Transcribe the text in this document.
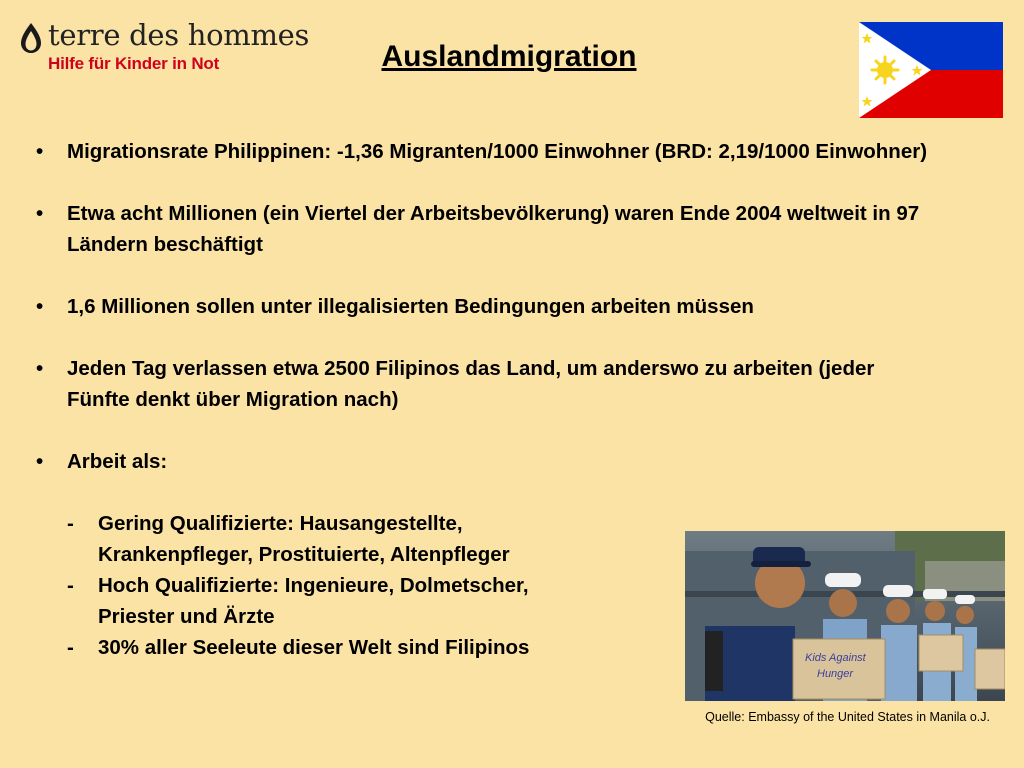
terre des hommes
Hilfe für Kinder in Not	Auslandmigration
• Migrationsrate Philippinen: -1,36 Migranten/1000 Einwohner (BRD: 2,19/1000 Einwohner)
• Etwa acht Millionen (ein Viertel der Arbeitsbevölkerung) waren Ende 2004 weltweit in 97 Ländern beschäftigt
• 1,6 Millionen sollen unter illegalisierten Bedingungen arbeiten müssen
• Jeden Tag verlassen etwa 2500 Filipinos das Land, um anderswo zu arbeiten (jeder Fünfte denkt über Migration nach)
• Arbeit als:
- Gering Qualifizierte: Hausangestellte,
Krankenpfleger, Prostituierte, Altenpfleger
- Hoch Qualifizierte: Ingenieure, Dolmetscher,
Priester und Ärzte
- 30% aller Seeleute dieser Welt sind Filipinos	Kids Against
Hunger
Quelle: Embassy of the United States in Manila o.J.
